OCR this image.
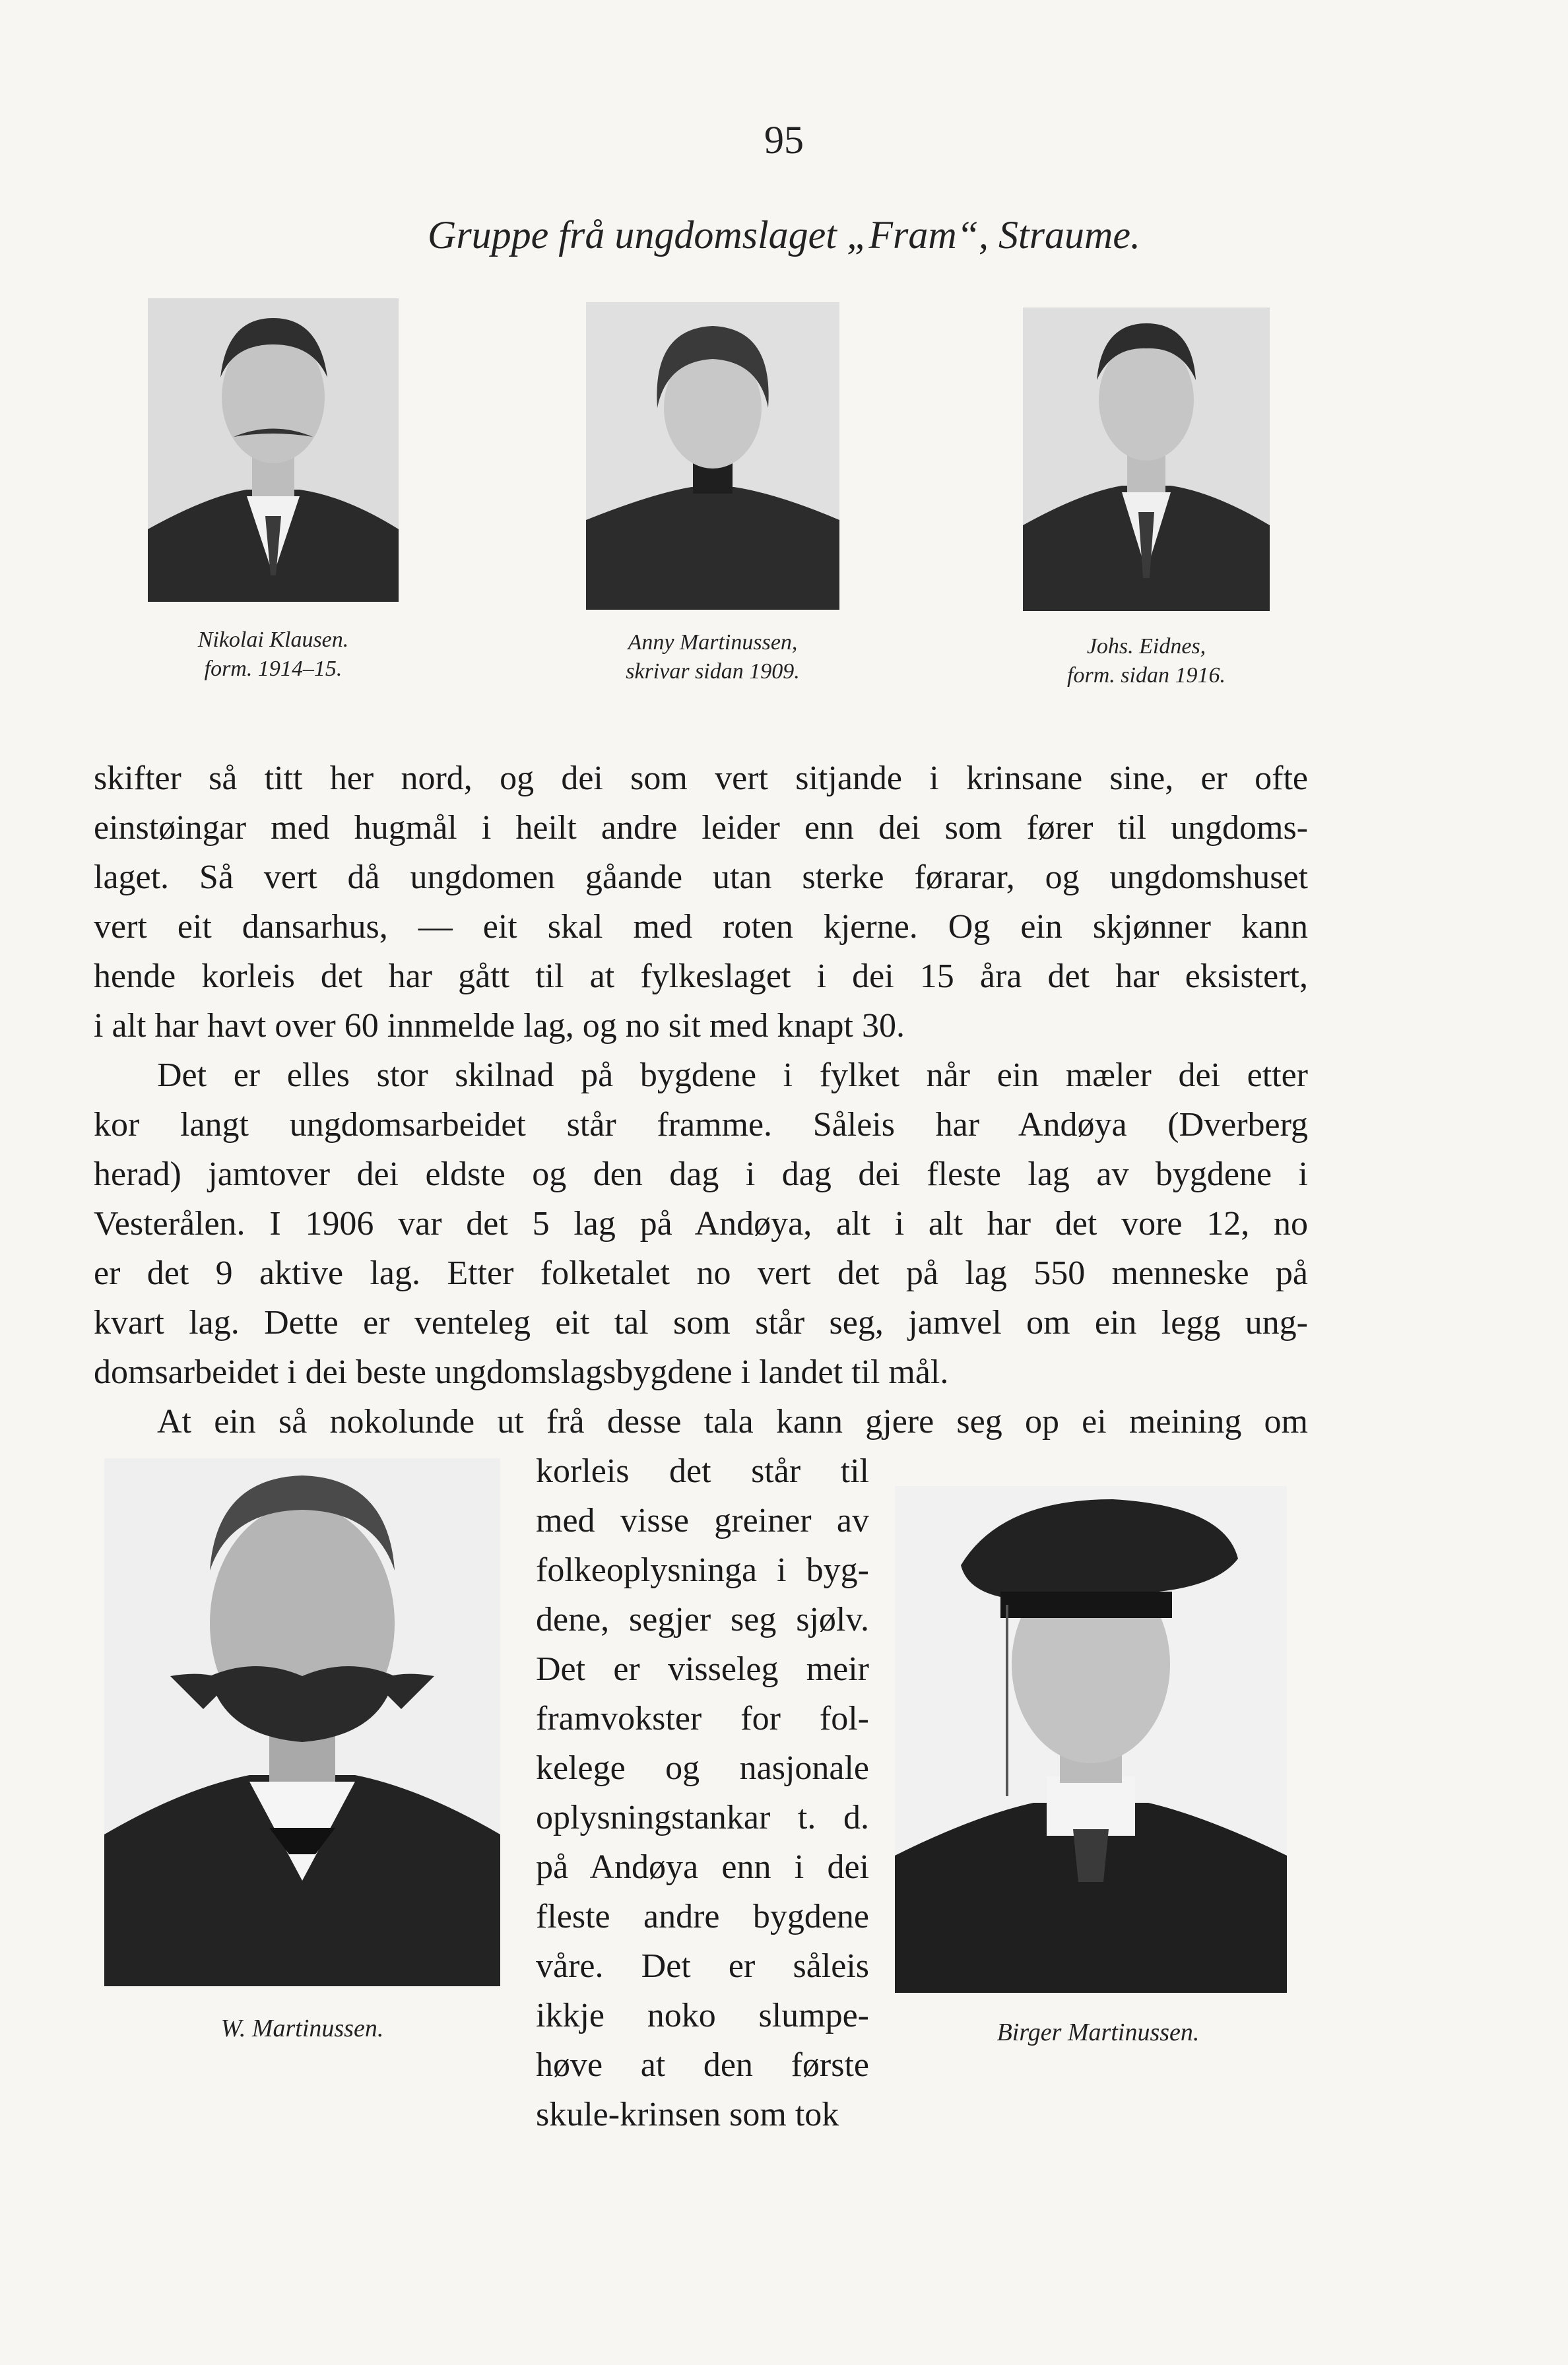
95
Gruppe frå ungdomslaget „Fram“, Straume.
Nikolai Klausen.
form. 1914–15.
Anny Martinussen,
skrivar sidan 1909.
Johs. Eidnes,
form. sidan 1916.
skifter så titt her nord, og dei som vert sitjande i krinsane sine, er ofte
einstøingar med hugmål i heilt andre leider enn dei som fører til ungdoms-
laget. Så vert då ungdomen gåande utan sterke førarar, og ungdomshuset
vert eit dansarhus, — eit skal med roten kjerne. Og ein skjønner kann
hende korleis det har gått til at fylkeslaget i dei 15 åra det har eksistert,
i alt har havt over 60 innmelde lag, og no sit med knapt 30.
Det er elles stor skilnad på bygdene i fylket når ein mæler dei etter
kor langt ungdomsarbeidet står framme. Såleis har Andøya (Dverberg
herad) jamtover dei eldste og den dag i dag dei fleste lag av bygdene i
Vesterålen. I 1906 var det 5 lag på Andøya, alt i alt har det vore 12, no
er det 9 aktive lag. Etter folketalet no vert det på lag 550 menneske på
kvart lag. Dette er venteleg eit tal som står seg, jamvel om ein legg ung-
domsarbeidet i dei beste ungdomslagsbygdene i landet til mål.
At ein så nokolunde ut frå desse tala kann gjere seg op ei meining om
korleis det står til
med visse greiner av
folkeoplysninga i byg-
dene, segjer seg sjølv.
Det er visseleg meir
framvokster for fol-
kelege og nasjonale
oplysningstankar t. d.
på Andøya enn i dei
fleste andre bygdene
våre. Det er såleis
ikkje noko slumpe-
høve at den første
skule-krinsen som tok
W. Martinussen.	Birger Martinussen.
